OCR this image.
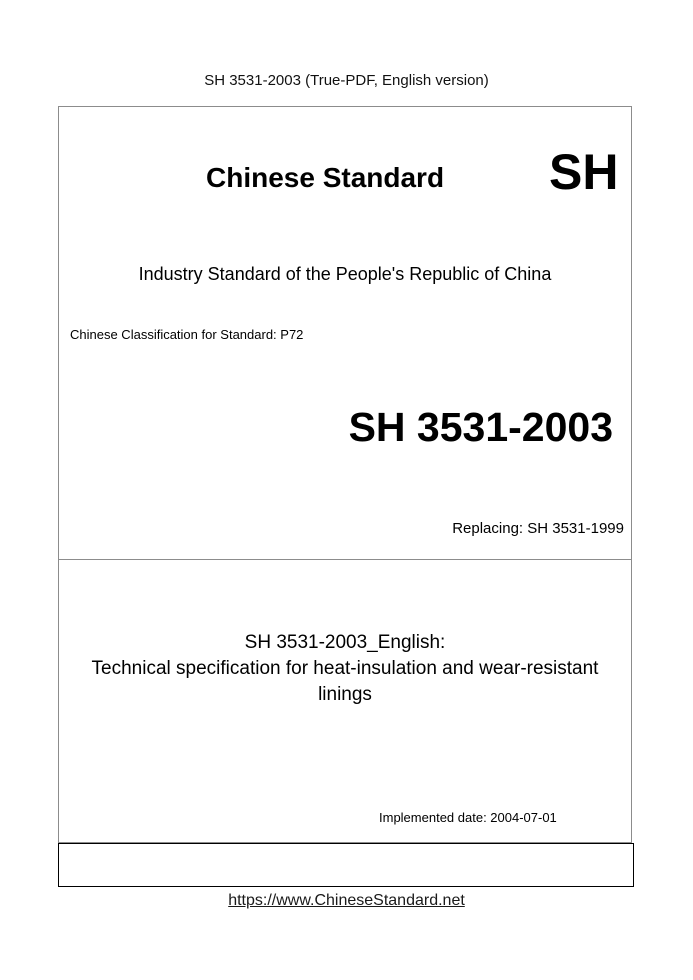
SH 3531-2003 (True-PDF, English version)
Chinese Standard SH
Industry Standard of the People's Republic of China
Chinese Classification for Standard: P72
SH 3531-2003
Replacing: SH 3531-1999
SH 3531-2003_English:
Technical specification for heat-insulation and wear-resistant
linings
Implemented date: 2004-07-01
https://www.ChineseStandard.net
